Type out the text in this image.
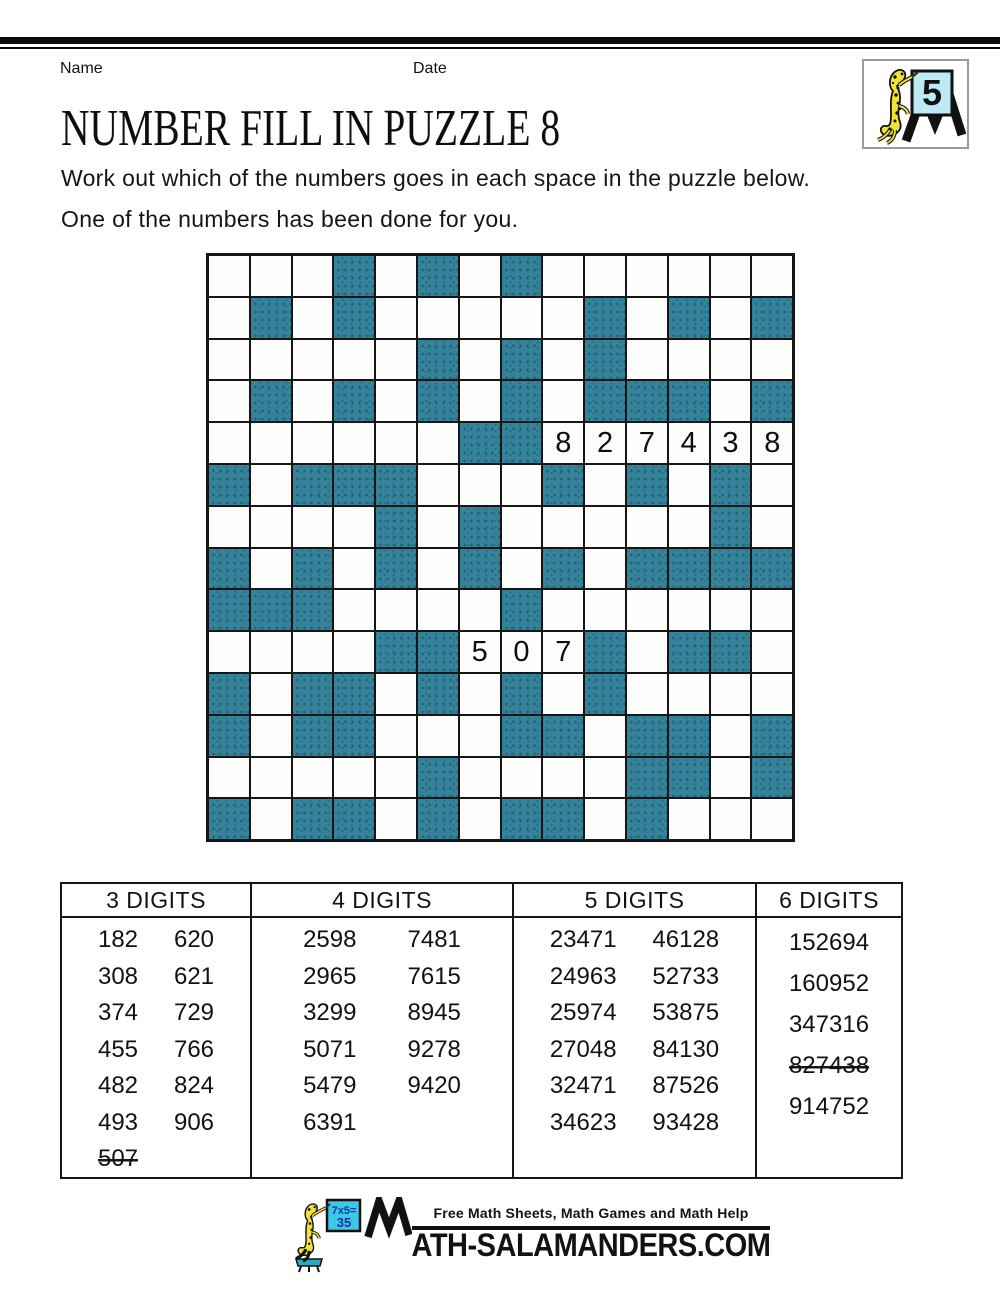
Name	Date
5
NUMBER FILL IN PUZZLE 8
Work out which of the numbers goes in each space in the puzzle below.
One of the numbers has been done for you.
8 2 7 4 3 8
5 0 7
3 DIGITS
182
308
374
455
482
493
507
620
621
729
766
824
906
4 DIGITS
2598
2965
3299
5071
5479
6391
7481
7615
8945
9278
9420
5 DIGITS
23471
24963
25974
27048
32471
34623
46128
52733
53875
84130
87526
93428
6 DIGITS
152694
160952
347316
827438
914752
7x5=
35
Free Math Sheets, Math Games and Math Help
ATH-SALAMANDERS.COM
